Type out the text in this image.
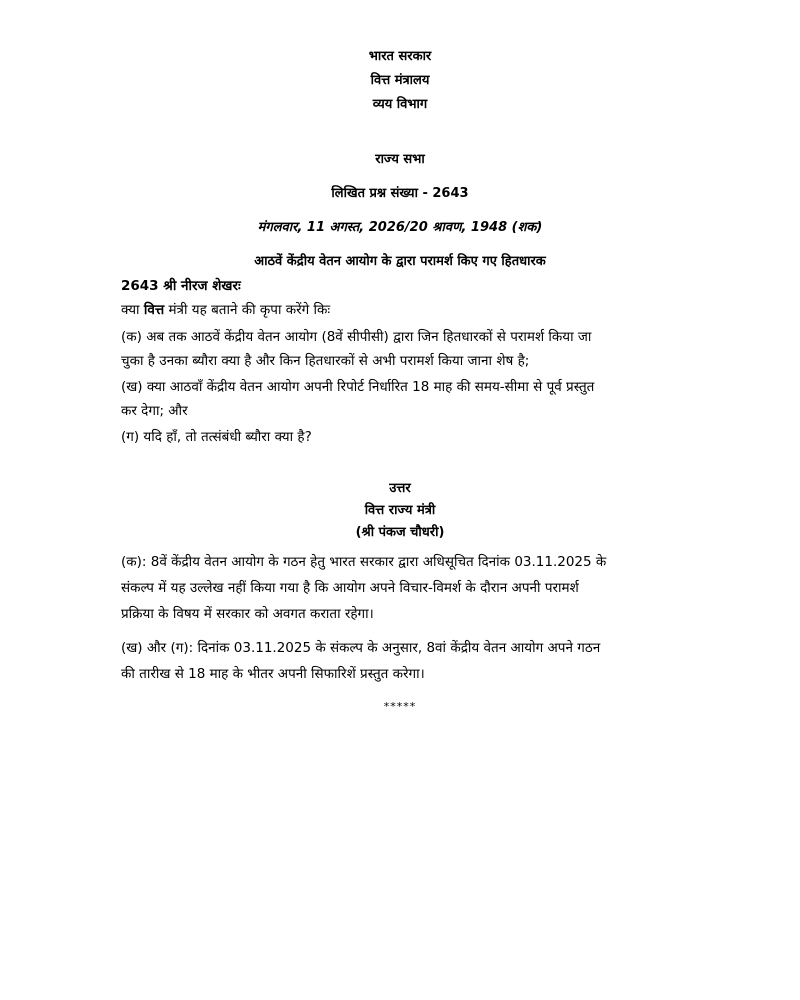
भारत सरकार
वित्त मंत्रालय
व्यय विभाग
राज्य सभा
लिखित प्रश्न संख्या - 2643
मंगलवार, 11 अगस्त, 2026/20 श्रावण, 1948 (शक)
आठवें केंद्रीय वेतन आयोग के द्वारा परामर्श किए गए हितधारक
2643 श्री नीरज शेखरः
क्या वित्त मंत्री यह बताने की कृपा करेंगे किः
(क) अब तक आठवें केंद्रीय वेतन आयोग (8वें सीपीसी) द्वारा जिन हितधारकों से परामर्श किया जा
चुका है उनका ब्यौरा क्या है और किन हितधारकों से अभी परामर्श किया जाना शेष है;
(ख) क्या आठवाँ केंद्रीय वेतन आयोग अपनी रिपोर्ट निर्धारित 18 माह की समय-सीमा से पूर्व प्रस्तुत
कर देगा; और
(ग) यदि हाँ, तो तत्संबंधी ब्यौरा क्या है?
उत्तर
वित्त राज्य मंत्री
(श्री पंकज चौधरी)
(क): 8वें केंद्रीय वेतन आयोग के गठन हेतु भारत सरकार द्वारा अधिसूचित दिनांक 03.11.2025 के
संकल्प में यह उल्लेख नहीं किया गया है कि आयोग अपने विचार-विमर्श के दौरान अपनी परामर्श
प्रक्रिया के विषय में सरकार को अवगत कराता रहेगा।
(ख) और (ग): दिनांक 03.11.2025 के संकल्प के अनुसार, 8वां केंद्रीय वेतन आयोग अपने गठन
की तारीख से 18 माह के भीतर अपनी सिफारिशें प्रस्तुत करेगा।
*****
